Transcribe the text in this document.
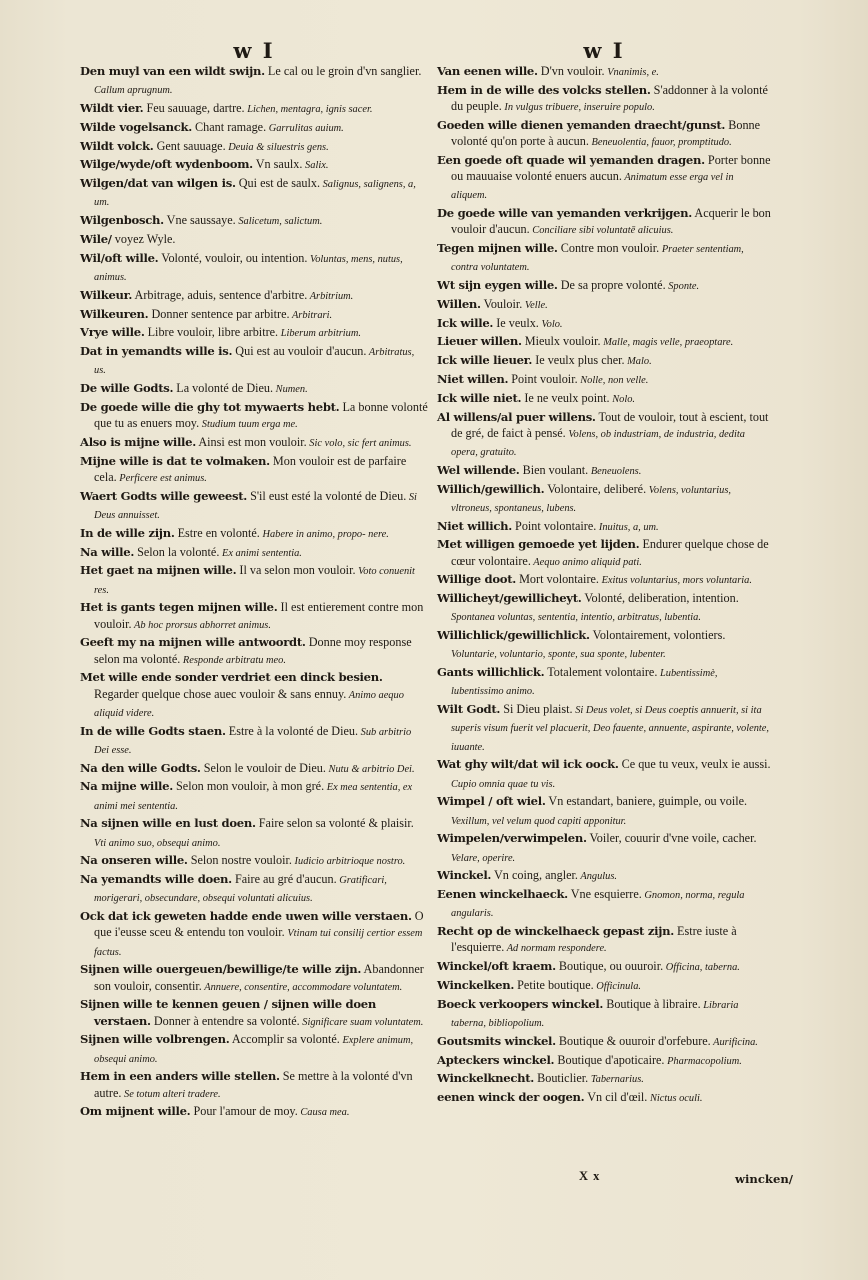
w I
Den muyl van een wildt swijn. Le cal ou le groin d'vn sanglier. Callum aprugnum.
Wildt vier. Feu sauuage, dartre. Lichen, mentagra, ignis sacer.
Wilde vogelsanck. Chant ramage. Garrulitas auium.
Wildt volck. Gent sauuage. Deuia & siluestris gens.
Wilge/wyde/oft wydenboom. Vn saulx. Salix.
Wilgen/dat van wilgen is. Qui est de saulx. Salignus, salignens, a, um.
Wilgenbosch. Vne saussaye. Salicetum, salictum.
Wile/ voyez Wyle.
Wil/oft wille. Volonté, vouloir, ou intention. Voluntas, mens, nutus, animus.
Wilkeur. Arbitrage, aduis, sentence d'arbitre. Arbitrium.
Wilkeuren. Donner sentence par arbitre. Arbitrari.
Vrye wille. Libre vouloir, libre arbitre. Liberum arbitrium.
Dat in yemandts wille is. Qui est au vouloir d'aucun. Arbitratus, us.
De wille Godts. La volonté de Dieu. Numen.
De goede wille die ghy tot mywaerts hebt. La bonne volonté que tu as enuers moy. Studium tuum erga me.
Also is mijne wille. Ainsi est mon vouloir. Sic volo, sic fert animus.
Mijne wille is dat te volmaken. Mon vouloir est de parfaire cela. Perficere est animus.
Waert Godts wille geweest. S'il eust esté la volonté de Dieu. Si Deus annuisset.
In de wille zijn. Estre en volonté. Habere in animo, propo- nere.
Na wille. Selon la volonté. Ex animi sententia.
Het gaet na mijnen wille. Il va selon mon vouloir. Voto conuenit res.
Het is gants tegen mijnen wille. Il est entierement contre mon vouloir. Ab hoc prorsus abhorret animus.
Geeft my na mijnen wille antwoordt. Donne moy response selon ma volonté. Responde arbitratu meo.
Met wille ende sonder verdriet een dinck besien. Regarder quelque chose auec vouloir & sans ennuy. Animo aequo aliquid videre.
In de wille Godts staen. Estre à la volonté de Dieu. Sub arbitrio Dei esse.
Na den wille Godts. Selon le vouloir de Dieu. Nutu & arbitrio Dei.
Na mijne wille. Selon mon vouloir, à mon gré. Ex mea sententia, ex animi mei sententia.
Na sijnen wille en lust doen. Faire selon sa volonté & plaisir. Vti animo suo, obsequi animo.
Na onseren wille. Selon nostre vouloir. Iudicio arbitrioque nostro.
Na yemandts wille doen. Faire au gré d'aucun. Gratificari, morigerari, obsecundare, obsequi voluntati alicuius.
Ock dat ick geweten hadde ende uwen wille verstaen. O que i'eusse sceu & entendu ton vouloir. Vtinam tui consilij certior essem factus.
Sijnen wille ouergeuen/bewillige/te wille zijn. Abandonner son vouloir, consentir. Annuere, consentire, accommodare voluntatem.
Sijnen wille te kennen geuen / sijnen wille doen verstaen. Donner à entendre sa volonté. Significare suam voluntatem.
Sijnen wille volbrengen. Accomplir sa volonté. Explere animum, obsequi animo.
Hem in een anders wille stellen. Se mettre à la volonté d'vn autre. Se totum alteri tradere.
Om mijnent wille. Pour l'amour de moy. Causa mea.
w I
Van eenen wille. D'vn vouloir. Vnanimis, e.
Hem in de wille des volcks stellen. S'addonner à la volonté du peuple. In vulgus tribuere, inseruire populo.
Goeden wille dienen yemanden draecht/gunst. Bonne volonté qu'on porte à aucun. Beneuolentia, fauor, promptitudo.
Een goede oft quade wil yemanden dragen. Porter bonne ou mauuaise volonté enuers aucun. Animatum esse erga vel in aliquem.
De goede wille van yemanden verkrijgen. Acquerir le bon vouloir d'aucun. Conciliare sibi voluntatē alicuius.
Tegen mijnen wille. Contre mon vouloir. Praeter sententiam, contra voluntatem.
Wt sijn eygen wille. De sa propre volonté. Sponte.
Willen. Vouloir. Velle.
Ick wille. Ie veulx. Volo.
Lieuer willen. Mieulx vouloir. Malle, magis velle, praeoptare.
Ick wille lieuer. Ie veulx plus cher. Malo.
Niet willen. Point vouloir. Nolle, non velle.
Ick wille niet. Ie ne veulx point. Nolo.
Al willens/al puer willens. Tout de vouloir, tout à escient, tout de gré, de faict à pensé. Volens, ob industriam, de industria, dedita opera, gratuito.
Wel willende. Bien voulant. Beneuolens.
Willich/gewillich. Volontaire, deliberé. Volens, voluntarius, vltroneus, spontaneus, lubens.
Niet willich. Point volontaire. Inuitus, a, um.
Met willigen gemoede yet lijden. Endurer quelque chose de cœur volontaire. Aequo animo aliquid pati.
Willige doot. Mort volontaire. Exitus voluntarius, mors voluntaria.
Willicheyt/gewillicheyt. Volonté, deliberation, intention. Spontanea voluntas, sententia, intentio, arbitratus, lubentia.
Willichlick/gewillichlick. Volontairement, volontiers. Voluntarie, voluntario, sponte, sua sponte, lubenter.
Gants willichlick. Totalement volontaire. Lubentissimè, lubentissimo animo.
Wilt Godt. Si Dieu plaist. Si Deus volet, si Deus coeptis annuerit, si ita superis visum fuerit vel placuerit, Deo fauente, annuente, aspirante, volente, iuuante.
Wat ghy wilt/dat wil ick oock. Ce que tu veux, veulx ie aussi. Cupio omnia quae tu vis.
Wimpel / oft wiel. Vn estandart, baniere, guimple, ou voile. Vexillum, vel velum quod capiti apponitur.
Wimpelen/verwimpelen. Voiler, couurir d'vne voile, cacher. Velare, operire.
Winckel. Vn coing, angler. Angulus.
Eenen winckelhaeck. Vne esquierre. Gnomon, norma, regula angularis.
Recht op de winckelhaeck gepast zijn. Estre iuste à l'esquierre. Ad normam respondere.
Winckel/oft kraem. Boutique, ou ouuroir. Officina, taberna.
Winckelken. Petite boutique. Officinula.
Boeck verkoopers winckel. Boutique à libraire. Libraria taberna, bibliopolium.
Goutsmits winckel. Boutique & ouuroir d'orfebure. Aurificina.
Apteckers winckel. Boutique d'apoticaire. Pharmacopolium.
Winckelknecht. Bouticlier. Tabernarius.
eenen winck der oogen. Vn cil d'œil. Nictus oculi.
X x	wincken/
